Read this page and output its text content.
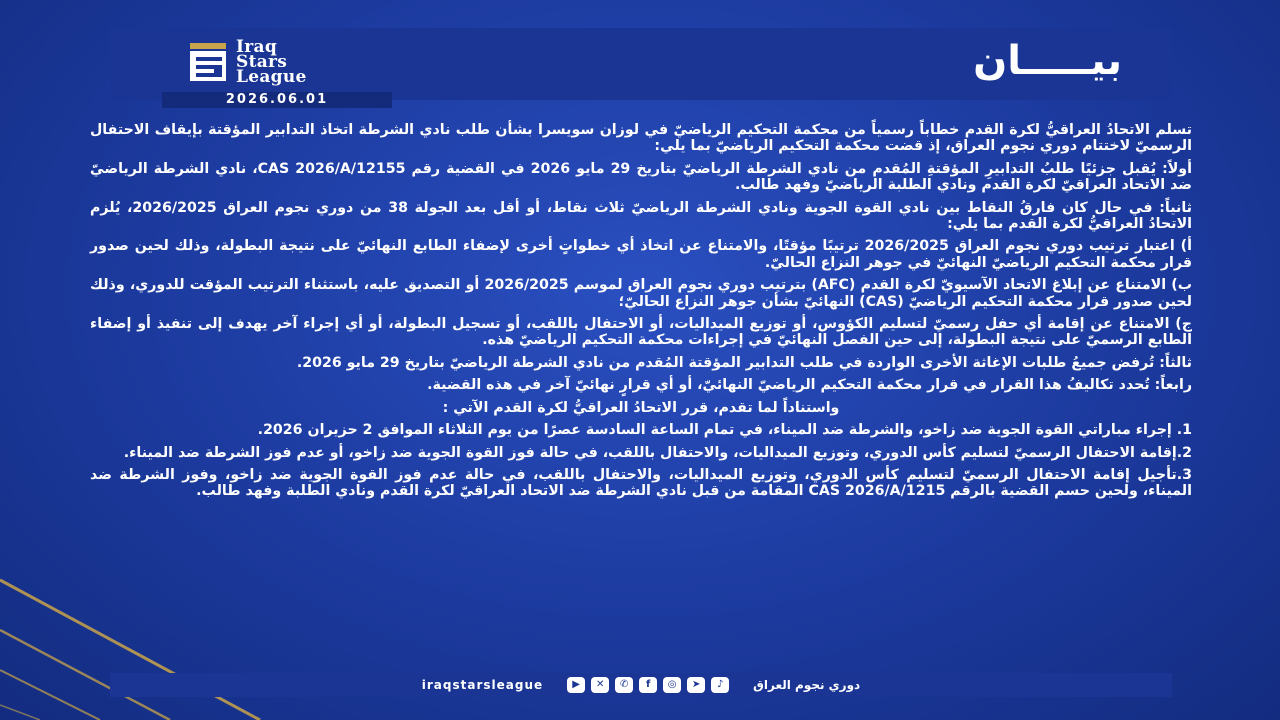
Iraq
Stars
League
2026.06.01
بيـــــان

تسلم الاتحادُ العراقيُّ لكرة القدم خطاباً رسمياً من محكمة التحكيم الرياضيّ في لوزان سويسرا بشأن طلب نادي الشرطة اتخاذ التدابير المؤقتة بإيقاف الاحتفال الرسميّ لاختتام دوري نجوم العراق، إذ قضت محكمة التحكيم الرياضيّ بما يلي:

أولاً: يُقبل جزئيًا طلبُ التدابيرِ المؤقتةِ المُقدم من نادي الشرطة الرياضيّ بتاريخ 29 مايو 2026 في القضية رقم CAS 2026/A/12155، نادي الشرطة الرياضيّ ضد الاتحاد العراقيّ لكرة القدم ونادي الطلبة الرياضيّ وفهد طالب.

ثانياً: في حال كان فارقُ النقاط بين نادي القوة الجوية ونادي الشرطة الرياضيّ ثلاث نقاط، أو أقل بعد الجولة 38 من دوري نجوم العراق 2026/2025، يُلزم الاتحادُ العراقيُّ لكرة القدم بما يلي:

أ) اعتبار ترتيب دوري نجوم العراق 2026/2025 ترتيبًا مؤقتًا، والامتناع عن اتخاذ أي خطواتٍ أخرى لإضفاء الطابع النهائيّ على نتيجة البطولة، وذلك لحين صدور قرار محكمة التحكيم الرياضيّ النهائيّ في جوهر النزاع الحاليّ.

ب) الامتناع عن إبلاغ الاتحاد الآسيويّ لكرة القدم (AFC) بترتيب دوري نجوم العراق لموسم 2026/2025 أو التصديق عليه، باستثناء الترتيب المؤقت للدوري، وذلك لحين صدور قرار محكمة التحكيم الرياضيّ (CAS) النهائيّ بشأن جوهر النزاع الحاليّ؛

ج) الامتناع عن إقامة أي حفل رسميّ لتسليم الكؤوس، أو توزيع الميداليات، أو الاحتفال باللقب، أو تسجيل البطولة، أو أي إجراء آخر يهدف إلى تنفيذ أو إضفاء الطابع الرسميّ على نتيجة البطولة، إلى حين الفصل النهائيّ في إجراءات محكمة التحكيم الرياضيّ هذه.

ثالثاً: تُرفض جميعُ طلبات الإغاثة الأخرى الواردة في طلب التدابير المؤقتة المُقدم من نادي الشرطة الرياضيّ بتاريخ 29 مايو 2026.

رابعاً: تُحدد تكاليفُ هذا القرار في قرار محكمة التحكيم الرياضيّ النهائيّ، أو أي قرارٍ نهائيّ آخر في هذه القضية.

واستناداً لما تقدم، قرر الاتحادُ العراقيُّ لكرة القدم الآتي :

1. إجراء مباراتي القوة الجوية ضد زاخو، والشرطة ضد الميناء، في تمام الساعة السادسة عصرًا من يوم الثلاثاء الموافق 2 حزيران 2026.

2.إقامة الاحتفال الرسميّ لتسليم كأس الدوري، وتوزيع الميداليات، والاحتفال باللقب، في حالة فوز القوة الجوية ضد زاخو، أو عدم فوز الشرطة ضد الميناء.

3.تأجيل إقامة الاحتفال الرسميّ لتسليم كأس الدوري، وتوزيع الميداليات، والاحتفال باللقب، في حالة عدم فوز القوة الجوية ضد زاخو، وفوز الشرطة ضد الميناء، ولحين حسم القضية بالرقم CAS 2026/A/1215 المقامة من قبل نادي الشرطة ضد الاتحاد العراقيّ لكرة القدم ونادي الطلبة وفهد طالب.

iraqstarsleague	▶	✕	✆	f	◎	➤	♪	دوري نجوم العراق
